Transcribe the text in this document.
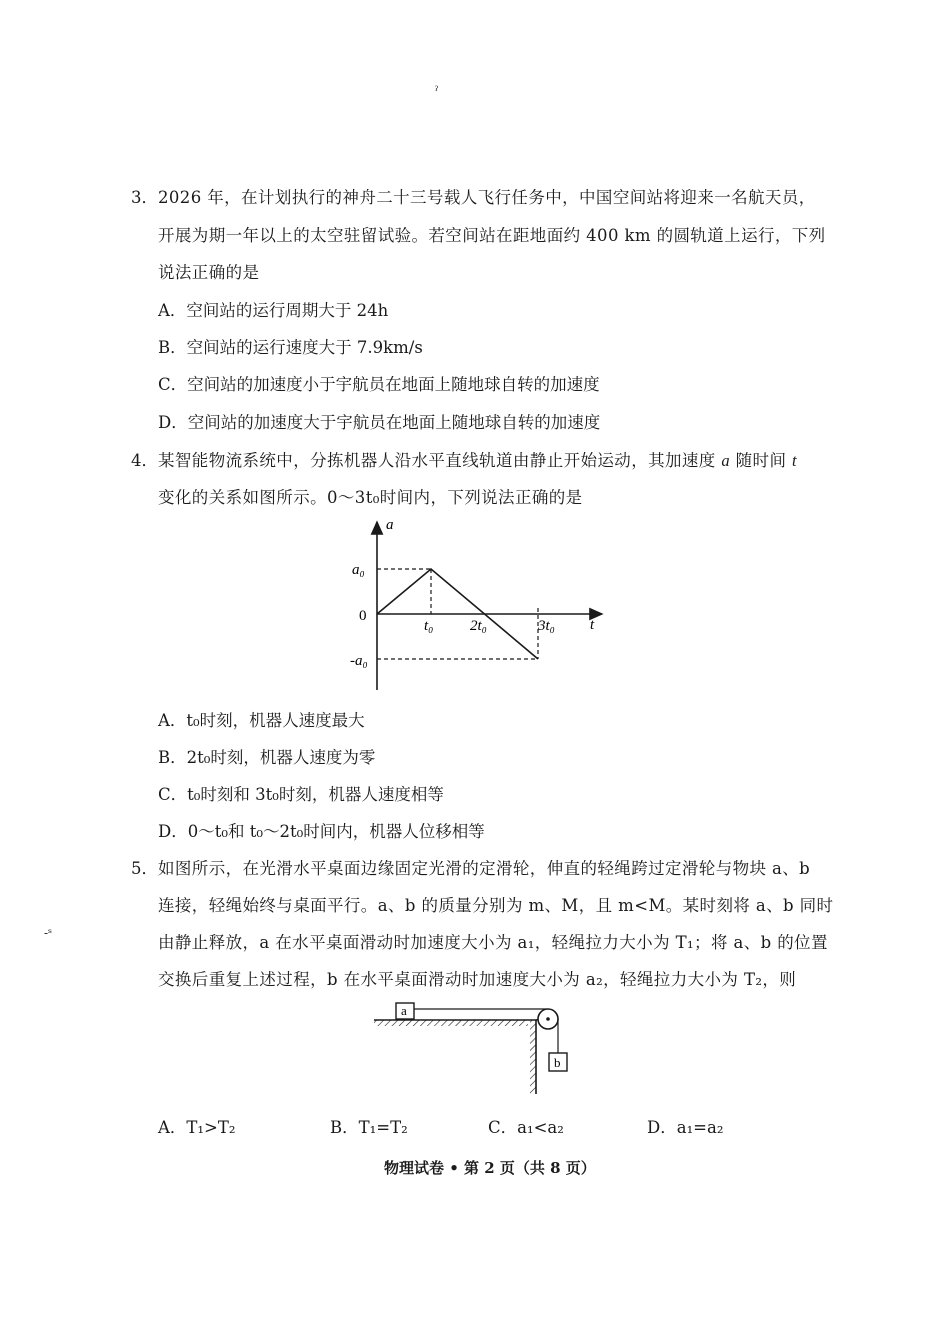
ˀ
3． 2026 年，在计划执行的神舟二十三号载人飞行任务中，中国空间站将迎来一名航天员，
开展为期一年以上的太空驻留试验。若空间站在距地面约 400 km 的圆轨道上运行，下列
说法正确的是
A．空间站的运行周期大于 24h
B．空间站的运行速度大于 7.9km/s
C．空间站的加速度小于宇航员在地面上随地球自转的加速度
D．空间站的加速度大于宇航员在地面上随地球自转的加速度
4． 某智能物流系统中，分拣机器人沿水平直线轨道由静止开始运动，其加速度 a 随时间 t
变化的关系如图所示。0～3t₀时间内，下列说法正确的是
a
t
a₀
0
-a₀
t₀ 2t₀	3t₀
A．t₀时刻，机器人速度最大
B．2t₀时刻，机器人速度为零
C．t₀时刻和 3t₀时刻，机器人速度相等
D．0～t₀和 t₀～2t₀时间内，机器人位移相等
5． 如图所示，在光滑水平桌面边缘固定光滑的定滑轮，伸直的轻绳跨过定滑轮与物块 a、b
连接，轻绳始终与桌面平行。a、b 的质量分别为 m、M，且 m<M。某时刻将 a、b 同时
由静止释放，a 在水平桌面滑动时加速度大小为 a₁，轻绳拉力大小为 T₁；将 a、b 的位置
交换后重复上述过程，b 在水平桌面滑动时加速度大小为 a₂，轻绳拉力大小为 T₂，则
a
b
A．T₁>T₂	B．T₁=T₂	C．a₁<a₂	D．a₁=a₂
-ˢ
物理试卷 • 第 2 页（共 8 页）
